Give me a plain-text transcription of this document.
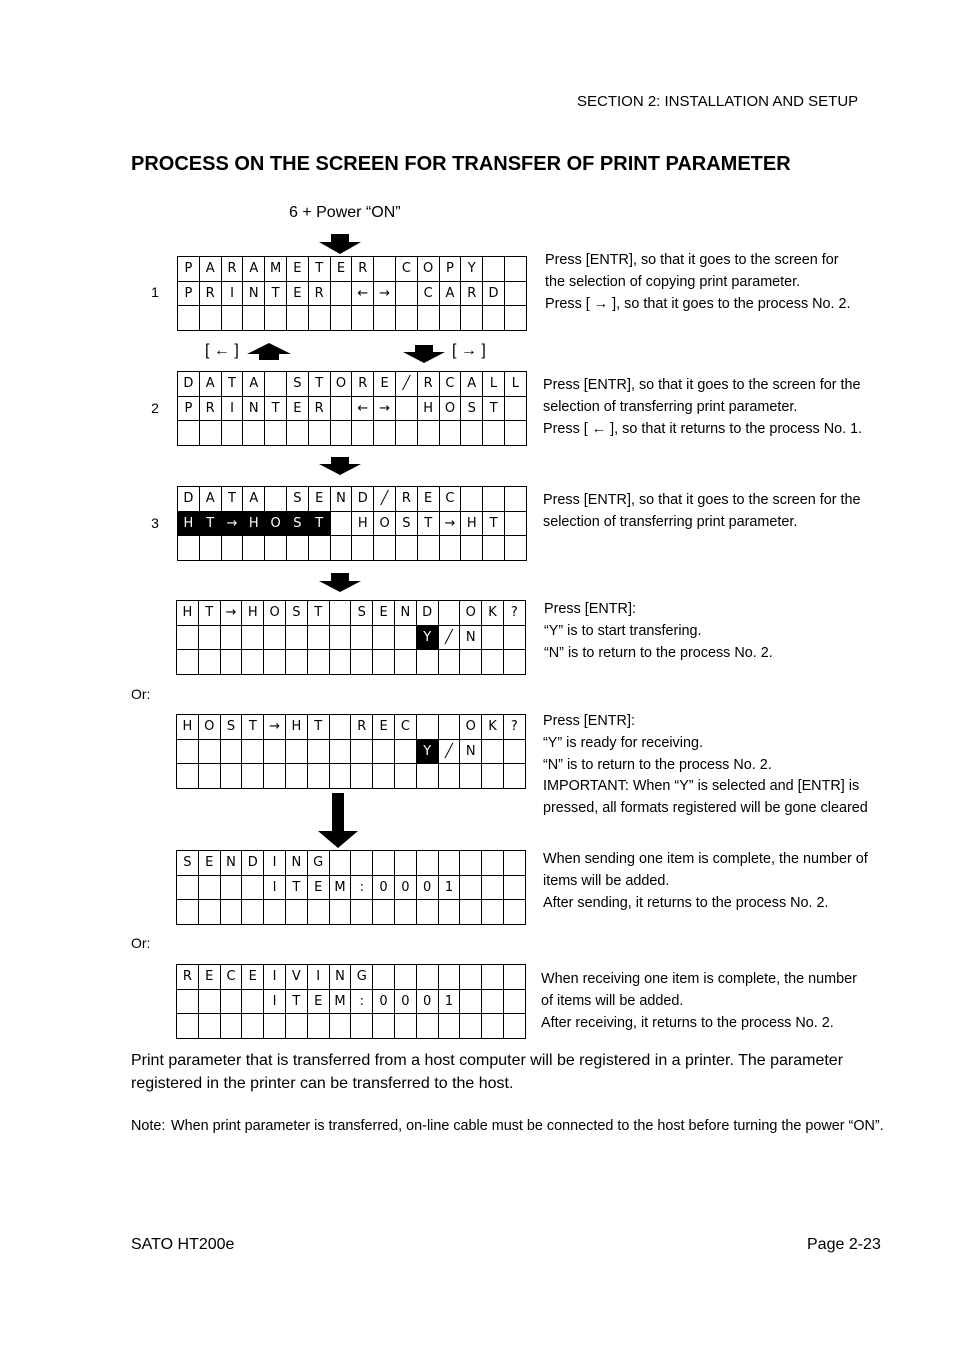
SECTION 2: INSTALLATION AND SETUP
PROCESS ON THE SCREEN FOR TRANSFER OF PRINT PARAMETER
6 + Power “ON”
[ ← ]	[ → ]
1
P	A	R	A	M	E	T	E	R		C	O	P	Y		
P	R	I	N	T	E	R		←	→		C	A	R	D	

Press [ENTR], so that it goes to the screen for
the selection of copying print parameter.
Press [ → ], so that it goes to the process No. 2.
2
D	A	T	A		S	T	O	R	E	╱	R	C	A	L	L
P	R	I	N	T	E	R		←	→		H	O	S	T	

Press [ENTR], so that it goes to the screen for the
selection of transferring print parameter.
Press [ ← ], so that it returns to the process No. 1.
3
D	A	T	A		S	E	N	D	╱	R	E	C			
H	T	→	H	O	S	T		H	O	S	T	→	H	T	

Press [ENTR], so that it goes to the screen for the
selection of transferring print parameter.
H	T	→	H	O	S	T		S	E	N	D		O	K	?
											Y	╱	N		

Press [ENTR]:
“Y” is to start transfering.
“N” is to return to the process No. 2.
Or:
H	O	S	T	→	H	T		R	E	C			O	K	?
											Y	╱	N		

Press [ENTR]:
“Y” is ready for receiving.
“N” is to return to the process No. 2.
IMPORTANT: When “Y” is selected and [ENTR] is
pressed, all formats registered will be gone cleared
S	E	N	D	I	N	G									
				I	T	E	M	:	0	0	0	1			

When sending one item is complete, the number of
items will be added.
After sending, it returns to the process No. 2.
Or:
R	E	C	E	I	V	I	N	G							
				I	T	E	M	:	0	0	0	1			

When receiving one item is complete, the number
of items will be added.
After receiving, it returns to the process No. 2.

Print parameter that is transferred from a host computer will be registered in a printer. The parameter registered in the printer can be transferred to the host.

Note: When print parameter is transferred, on-line cable must be connected to the host before turning the power “ON”.
SATO HT200e	Page 2-23
